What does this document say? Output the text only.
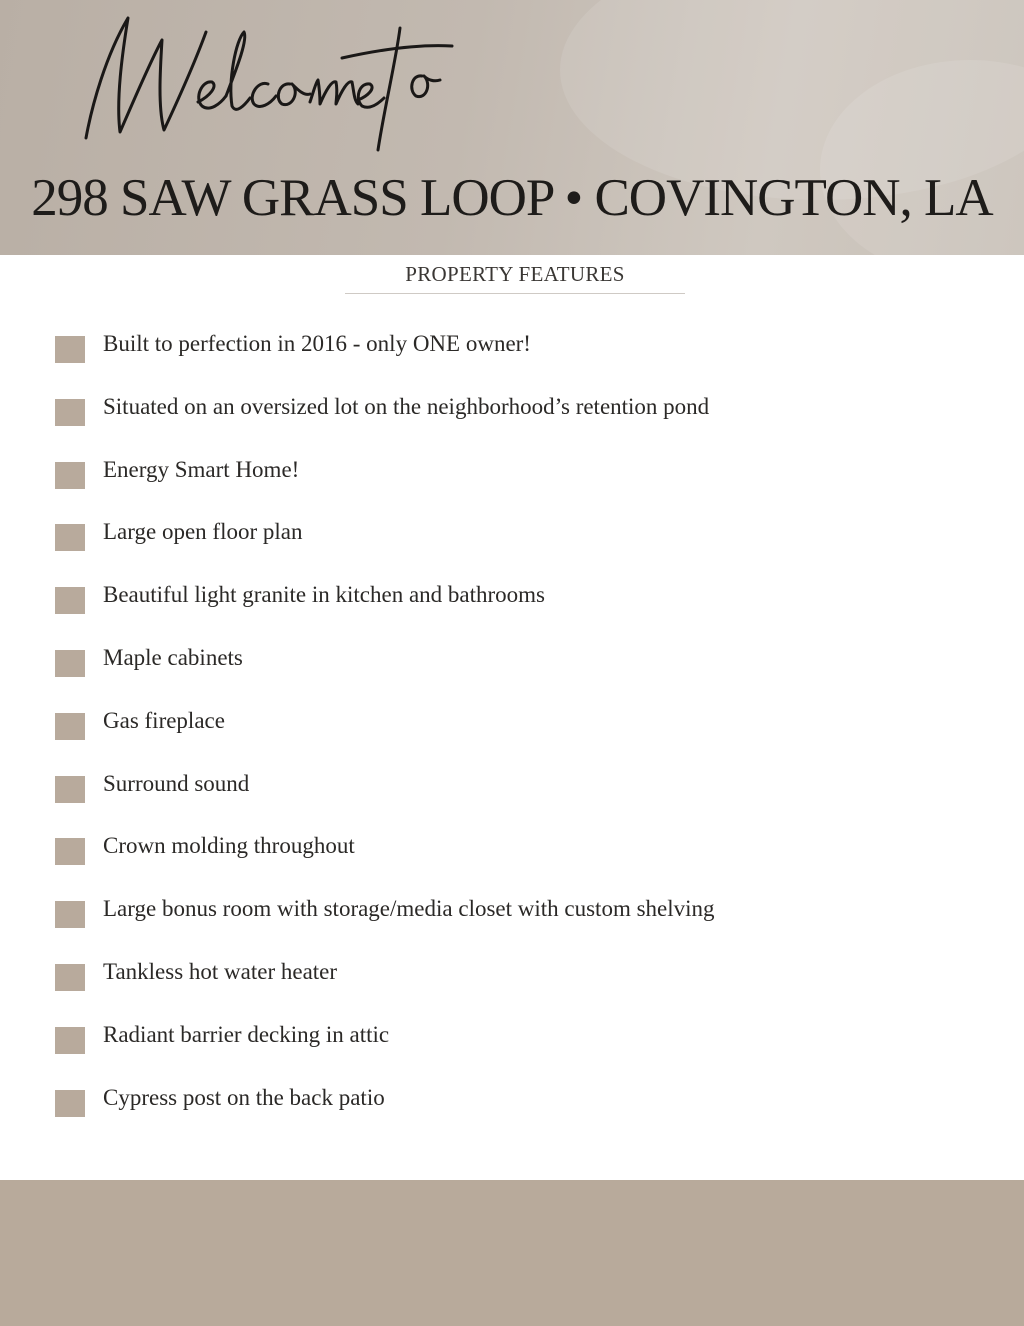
298 SAW GRASS LOOP • COVINGTON, LA
PROPERTY FEATURES
Built to perfection in 2016 - only ONE owner!
Situated on an oversized lot on the neighborhood’s retention pond
Energy Smart Home!
Large open floor plan
Beautiful light granite in kitchen and bathrooms
Maple cabinets
Gas fireplace
Surround sound
Crown molding throughout
Large bonus room with storage/media closet with custom shelving
Tankless hot water heater
Radiant barrier decking in attic
Cypress post on the back patio
